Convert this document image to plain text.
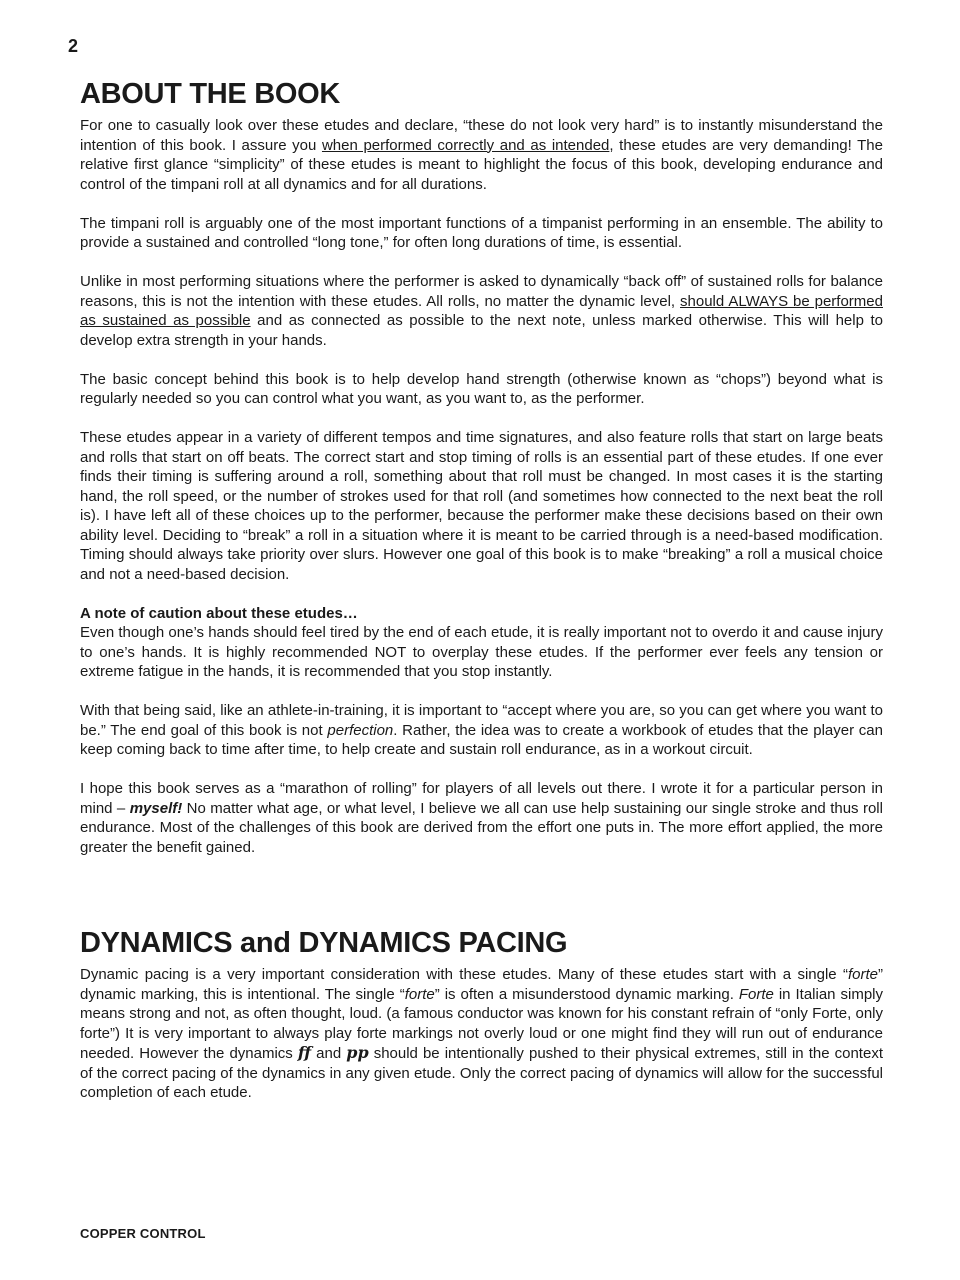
2
ABOUT THE BOOK

For one to casually look over these etudes and declare, “these do not look very hard” is to instantly misunderstand the intention of this book. I assure you when performed correctly and as intended, these etudes are very demanding! The relative first glance “simplicity” of these etudes is meant to highlight the focus of this book, developing endurance and control of the timpani roll at all dynamics and for all durations.

The timpani roll is arguably one of the most important functions of a timpanist performing in an ensemble. The ability to provide a sustained and controlled “long tone,” for often long durations of time, is essential.

Unlike in most performing situations where the performer is asked to dynamically “back off” of sustained rolls for balance reasons, this is not the intention with these etudes. All rolls, no matter the dynamic level, should ALWAYS be performed as sustained as possible and as connected as possible to the next note, unless marked otherwise. This will help to develop extra strength in your hands.

The basic concept behind this book is to help develop hand strength (otherwise known as “chops”) beyond what is regularly needed so you can control what you want, as you want to, as the performer.

These etudes appear in a variety of different tempos and time signatures, and also feature rolls that start on large beats and rolls that start on off beats. The correct start and stop timing of rolls is an essential part of these etudes. If one ever finds their timing is suffering around a roll, something about that roll must be changed. In most cases it is the starting hand, the roll speed, or the number of strokes used for that roll (and sometimes how connected to the next beat the roll is). I have left all of these choices up to the performer, because the performer make these decisions based on their own ability level. Deciding to “break” a roll in a situation where it is meant to be carried through is a need-based modification. Timing should always take priority over slurs. However one goal of this book is to make “breaking” a roll a musical choice and not a need-based decision.

A note of caution about these etudes…

Even though one’s hands should feel tired by the end of each etude, it is really important not to overdo it and cause injury to one’s hands. It is highly recommended NOT to overplay these etudes. If the performer ever feels any tension or extreme fatigue in the hands, it is recommended that you stop instantly.

With that being said, like an athlete-in-training, it is important to “accept where you are, so you can get where you want to be.” The end goal of this book is not perfection. Rather, the idea was to create a workbook of etudes that the player can keep coming back to time after time, to help create and sustain roll endurance, as in a workout circuit.

I hope this book serves as a “marathon of rolling” for players of all levels out there. I wrote it for a particular person in mind – myself! No matter what age, or what level, I believe we all can use help sustaining our single stroke and thus roll endurance. Most of the challenges of this book are derived from the effort one puts in. The more effort applied, the more greater the benefit gained.

DYNAMICS and DYNAMICS PACING

Dynamic pacing is a very important consideration with these etudes. Many of these etudes start with a single “forte” dynamic marking, this is intentional. The single “forte” is often a misunderstood dynamic marking. Forte in Italian simply means strong and not, as often thought, loud. (a famous conductor was known for his constant refrain of “only Forte, only forte”) It is very important to always play forte markings not overly loud or one might find they will run out of endurance needed. However the dynamics ff and pp should be intentionally pushed to their physical extremes, still in the context of the correct pacing of the dynamics in any given etude. Only the correct pacing of dynamics will allow for the successful completion of each etude.

COPPER CONTROL
